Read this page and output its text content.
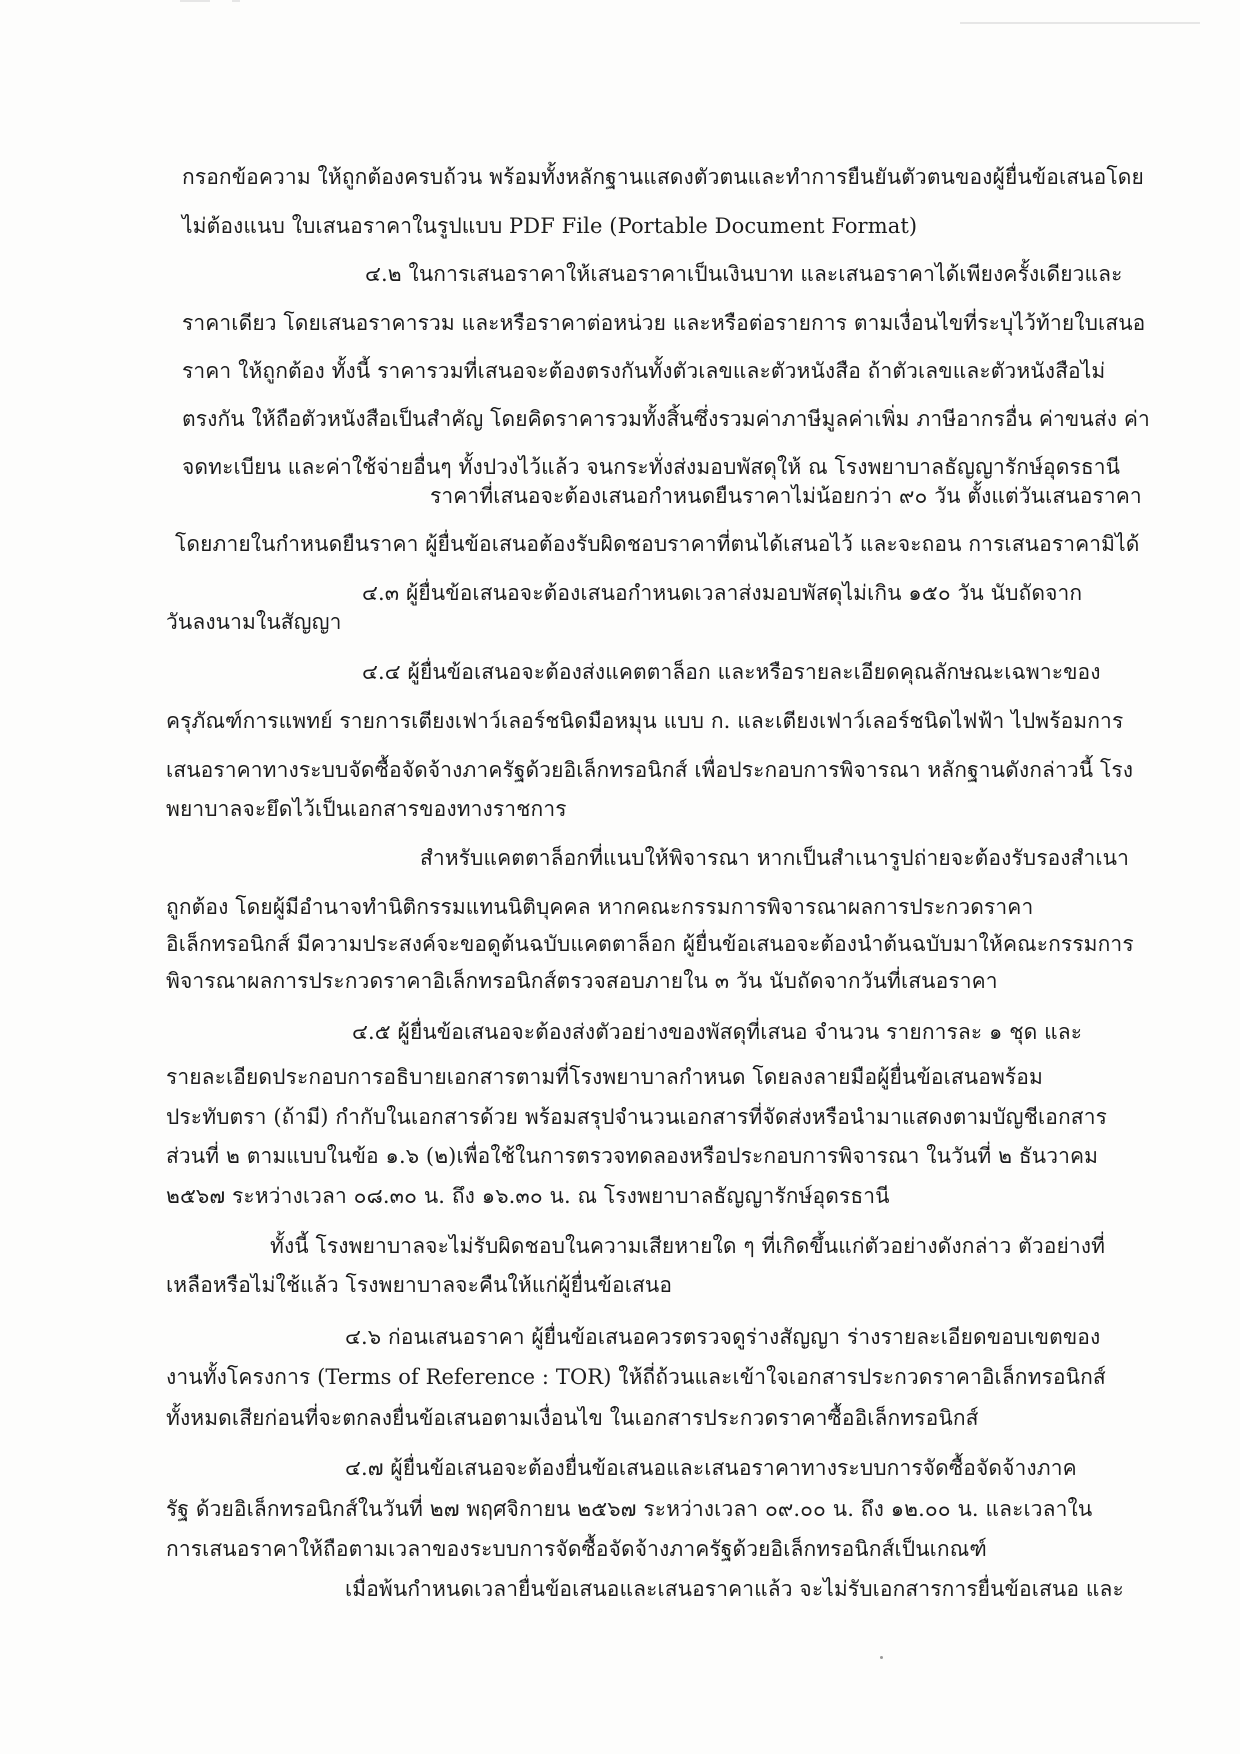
กรอกข้อความ ให้ถูกต้องครบถ้วน พร้อมทั้งหลักฐานแสดงตัวตนและทำการยืนยันตัวตนของผู้ยื่นข้อเสนอโดย
ไม่ต้องแนบ ใบเสนอราคาในรูปแบบ PDF File (Portable Document Format)
๔.๒ ในการเสนอราคาให้เสนอราคาเป็นเงินบาท และเสนอราคาได้เพียงครั้งเดียวและ
ราคาเดียว โดยเสนอราคารวม และหรือราคาต่อหน่วย และหรือต่อรายการ ตามเงื่อนไขที่ระบุไว้ท้ายใบเสนอ
ราคา ให้ถูกต้อง ทั้งนี้ ราคารวมที่เสนอจะต้องตรงกันทั้งตัวเลขและตัวหนังสือ ถ้าตัวเลขและตัวหนังสือไม่
ตรงกัน ให้ถือตัวหนังสือเป็นสำคัญ โดยคิดราคารวมทั้งสิ้นซึ่งรวมค่าภาษีมูลค่าเพิ่ม ภาษีอากรอื่น ค่าขนส่ง ค่า
จดทะเบียน และค่าใช้จ่ายอื่นๆ ทั้งปวงไว้แล้ว จนกระทั่งส่งมอบพัสดุให้ ณ โรงพยาบาลธัญญารักษ์อุดรธานี
ราคาที่เสนอจะต้องเสนอกำหนดยืนราคาไม่น้อยกว่า ๙๐ วัน ตั้งแต่วันเสนอราคา
โดยภายในกำหนดยืนราคา ผู้ยื่นข้อเสนอต้องรับผิดชอบราคาที่ตนได้เสนอไว้ และจะถอน การเสนอราคามิได้
๔.๓ ผู้ยื่นข้อเสนอจะต้องเสนอกำหนดเวลาส่งมอบพัสดุไม่เกิน ๑๕๐ วัน นับถัดจาก
วันลงนามในสัญญา
๔.๔ ผู้ยื่นข้อเสนอจะต้องส่งแคตตาล็อก และหรือรายละเอียดคุณลักษณะเฉพาะของ
ครุภัณฑ์การแพทย์ รายการเตียงเฟาว์เลอร์ชนิดมือหมุน แบบ ก. และเตียงเฟาว์เลอร์ชนิดไฟฟ้า ไปพร้อมการ
เสนอราคาทางระบบจัดซื้อจัดจ้างภาครัฐด้วยอิเล็กทรอนิกส์ เพื่อประกอบการพิจารณา หลักฐานดังกล่าวนี้ โรง
พยาบาลจะยึดไว้เป็นเอกสารของทางราชการ
สำหรับแคตตาล็อกที่แนบให้พิจารณา หากเป็นสำเนารูปถ่ายจะต้องรับรองสำเนา
ถูกต้อง โดยผู้มีอำนาจทำนิติกรรมแทนนิติบุคคล หากคณะกรรมการพิจารณาผลการประกวดราคา
อิเล็กทรอนิกส์ มีความประสงค์จะขอดูต้นฉบับแคตตาล็อก ผู้ยื่นข้อเสนอจะต้องนำต้นฉบับมาให้คณะกรรมการ
พิจารณาผลการประกวดราคาอิเล็กทรอนิกส์ตรวจสอบภายใน ๓ วัน นับถัดจากวันที่เสนอราคา
๔.๕ ผู้ยื่นข้อเสนอจะต้องส่งตัวอย่างของพัสดุที่เสนอ จำนวน รายการละ ๑ ชุด และ
รายละเอียดประกอบการอธิบายเอกสารตามที่โรงพยาบาลกำหนด โดยลงลายมือผู้ยื่นข้อเสนอพร้อม
ประทับตรา (ถ้ามี) กำกับในเอกสารด้วย พร้อมสรุปจำนวนเอกสารที่จัดส่งหรือนำมาแสดงตามบัญชีเอกสาร
ส่วนที่ ๒ ตามแบบในข้อ ๑.๖ (๒)เพื่อใช้ในการตรวจทดลองหรือประกอบการพิจารณา ในวันที่ ๒ ธันวาคม
๒๕๖๗ ระหว่างเวลา ๐๘.๓๐ น. ถึง ๑๖.๓๐ น. ณ โรงพยาบาลธัญญารักษ์อุดรธานี
ทั้งนี้ โรงพยาบาลจะไม่รับผิดชอบในความเสียหายใด ๆ ที่เกิดขึ้นแก่ตัวอย่างดังกล่าว ตัวอย่างที่
เหลือหรือไม่ใช้แล้ว โรงพยาบาลจะคืนให้แก่ผู้ยื่นข้อเสนอ
๔.๖ ก่อนเสนอราคา ผู้ยื่นข้อเสนอควรตรวจดูร่างสัญญา ร่างรายละเอียดขอบเขตของ
งานทั้งโครงการ (Terms of Reference : TOR) ให้ถี่ถ้วนและเข้าใจเอกสารประกวดราคาอิเล็กทรอนิกส์
ทั้งหมดเสียก่อนที่จะตกลงยื่นข้อเสนอตามเงื่อนไข ในเอกสารประกวดราคาซื้ออิเล็กทรอนิกส์
๔.๗ ผู้ยื่นข้อเสนอจะต้องยื่นข้อเสนอและเสนอราคาทางระบบการจัดซื้อจัดจ้างภาค
รัฐ ด้วยอิเล็กทรอนิกส์ในวันที่ ๒๗ พฤศจิกายน ๒๕๖๗ ระหว่างเวลา ๐๙.๐๐ น. ถึง ๑๒.๐๐ น. และเวลาใน
การเสนอราคาให้ถือตามเวลาของระบบการจัดซื้อจัดจ้างภาครัฐด้วยอิเล็กทรอนิกส์เป็นเกณฑ์
เมื่อพ้นกำหนดเวลายื่นข้อเสนอและเสนอราคาแล้ว จะไม่รับเอกสารการยื่นข้อเสนอ และ
